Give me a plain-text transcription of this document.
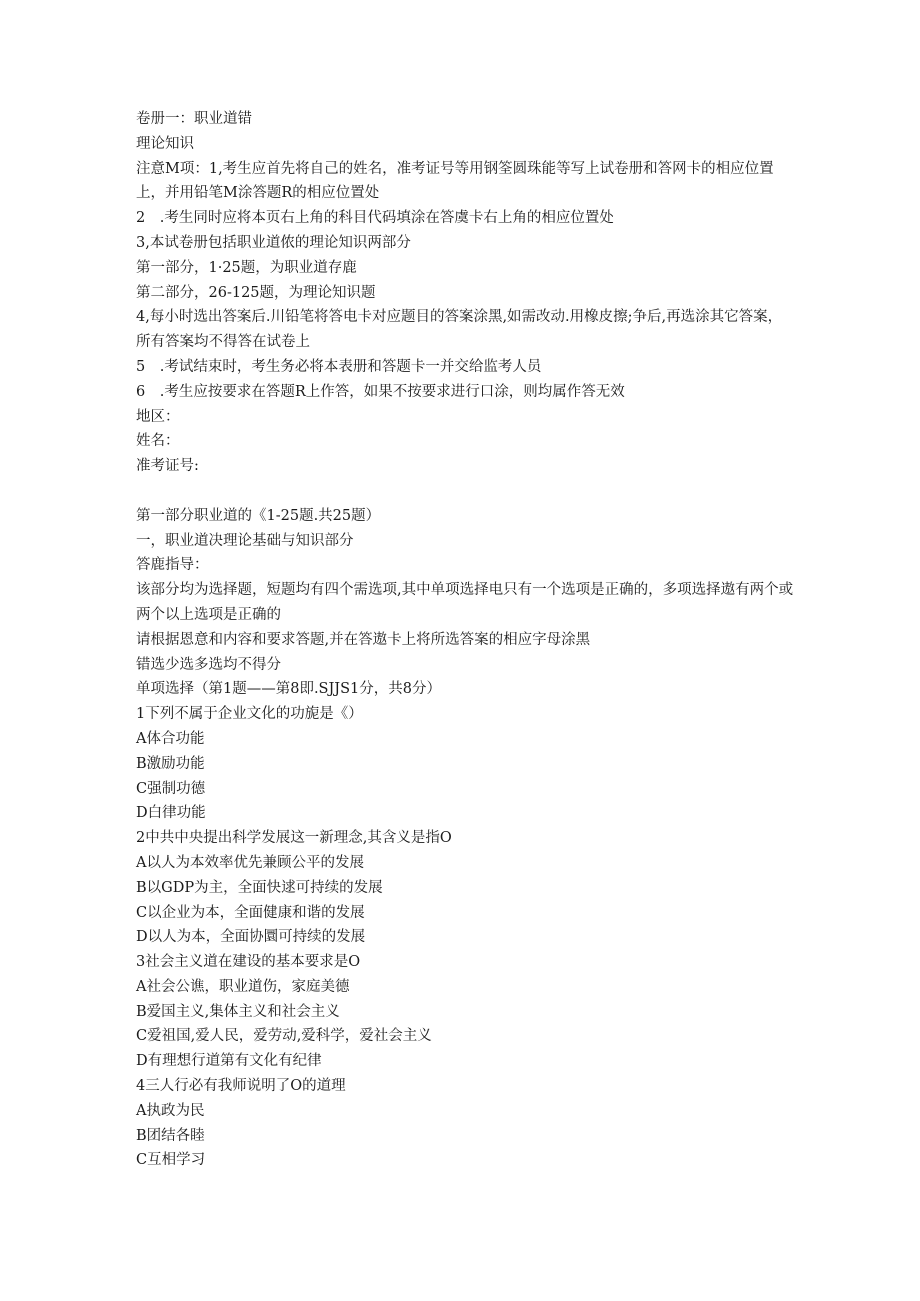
卷册一：职业道错

理论知识

注意M项：1,考生应首先将自己的姓名，准考证号等用钢筌圆珠能等写上试卷册和答网卡的相应位置上，并用铅笔M涂答题R的相应位置处

2　.考生同时应将本页右上角的科目代码填涂在答虞卡右上角的相应位置处

3,本试卷册包括职业道侬的理论知识两部分

第一部分，1·25题，为职业道存鹿

第二部分，26-125题，为理论知识题

4,每小时选出答案后.川铅笔将答电卡对应题目的答案涂黑,如需改动.用橡皮擦;争后,再选涂其它答案，所有答案均不得答在试卷上

5　.考试结束时，考生务必将本表册和答题卡一并交给监考人员

6　.考生应按要求在答题R上作答，如果不按要求进行口涂，则均属作答无效

地区：

姓名：

准考证号:

第一部分职业道的《1-25题.共25题）

一，职业道决理论基础与知识部分

答鹿指导：

该部分均为选择题，短题均有四个需选项,其中单项选择电只有一个选项是正确的，多项选择遨有两个或两个以上选项是正确的

请根据恩意和内容和要求答题,并在答遨卡上将所选答案的相应字母涂黑

错选少选多选均不得分

单项选择（第1题——第8即.SJJS1分，共8分）

1下列不属于企业文化的功旎是《）

A体合功能

B激励功能

C强制功德

D白律功能

2中共中央提出科学发展这一新理念,其含义是指O

A以人为本效率优先兼顾公平的发展

B以GDP为主，全面快逑可持续的发展

C以企业为本，全面健康和谐的发展

D以人为本，全面协圜可持续的发展

3社会主义道在建设的基本要求是O

A社会公谯，职业道伤，家庭美德

B爱国主义,集体主义和社会主义

C爱祖国,爱人民，爱劳动,爱科学，爱社会主义

D有理想行道第有文化有纪律

4三人行必有我师说明了O的道理

A执政为民

B团结各睦

C互相学习
